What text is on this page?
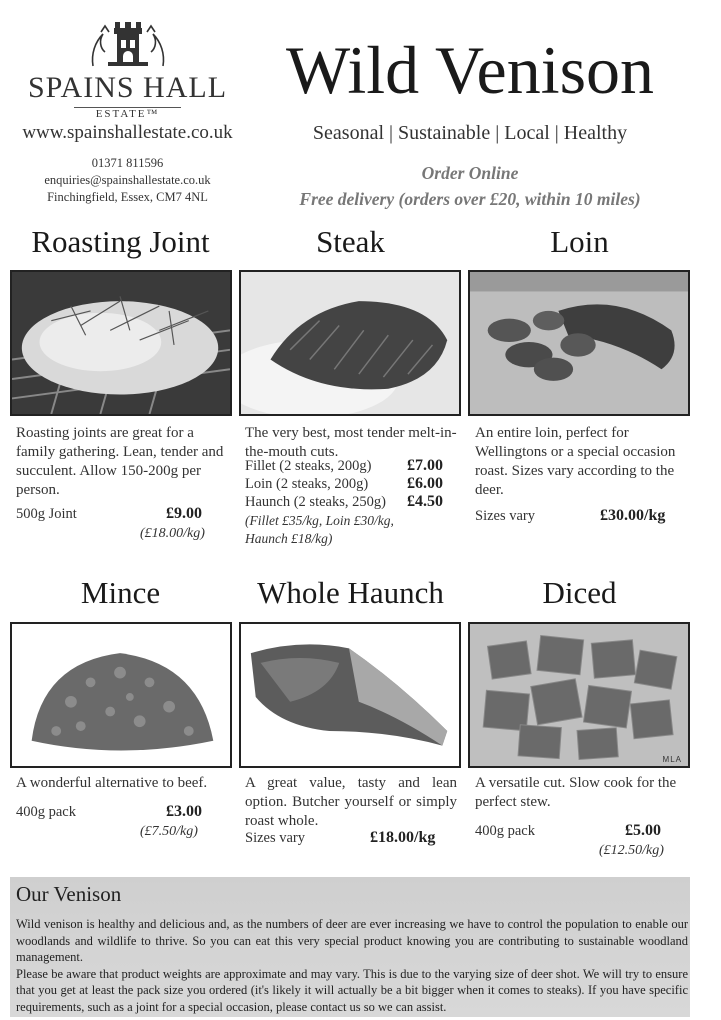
SPAINS HALL
ESTATE™
www.spainshallestate.co.uk
01371 811596
enquiries@spainshallestate.co.uk
Finchingfield, Essex, CM7 4NL
Wild Venison
Seasonal | Sustainable | Local | Healthy
Order Online
Free delivery (orders over £20, within 10 miles)
Roasting Joint	Steak	Loin
Roasting joints are great for a family gathering. Lean, tender and succulent. Allow 150-200g per person.
500g Joint	£9.00
(£18.00/kg)
The very best, most tender melt-in-the-mouth cuts.
Fillet (2 steaks, 200g) £7.00
Loin (2 steaks, 200g) £6.00
Haunch (2 steaks, 250g) £4.50
(Fillet £35/kg, Loin £30/kg, Haunch £18/kg)
An entire loin, perfect for Wellingtons or a special occasion roast. Sizes vary according to the deer.
Sizes vary	£30.00/kg
Mince	Whole Haunch	Diced
MLA
A wonderful alternative to beef.
400g pack	£3.00
(£7.50/kg)
A great value, tasty and lean option. Butcher yourself or simply roast whole.
Sizes vary	£18.00/kg
A versatile cut. Slow cook for the perfect stew.
400g pack	£5.00
(£12.50/kg)
Our Venison
Wild venison is healthy and delicious and, as the numbers of deer are ever increasing we have to control the population to enable our woodlands and wildlife to thrive. So you can eat this very special product knowing you are contributing to sustainable woodland management.
Please be aware that product weights are approximate and may vary. This is due to the varying size of deer shot. We will try to ensure that you get at least the pack size you ordered (it's likely it will actually be a bit bigger when it comes to steaks). If you have specific requirements, such as a joint for a special occasion, please contact us so we can assist.
